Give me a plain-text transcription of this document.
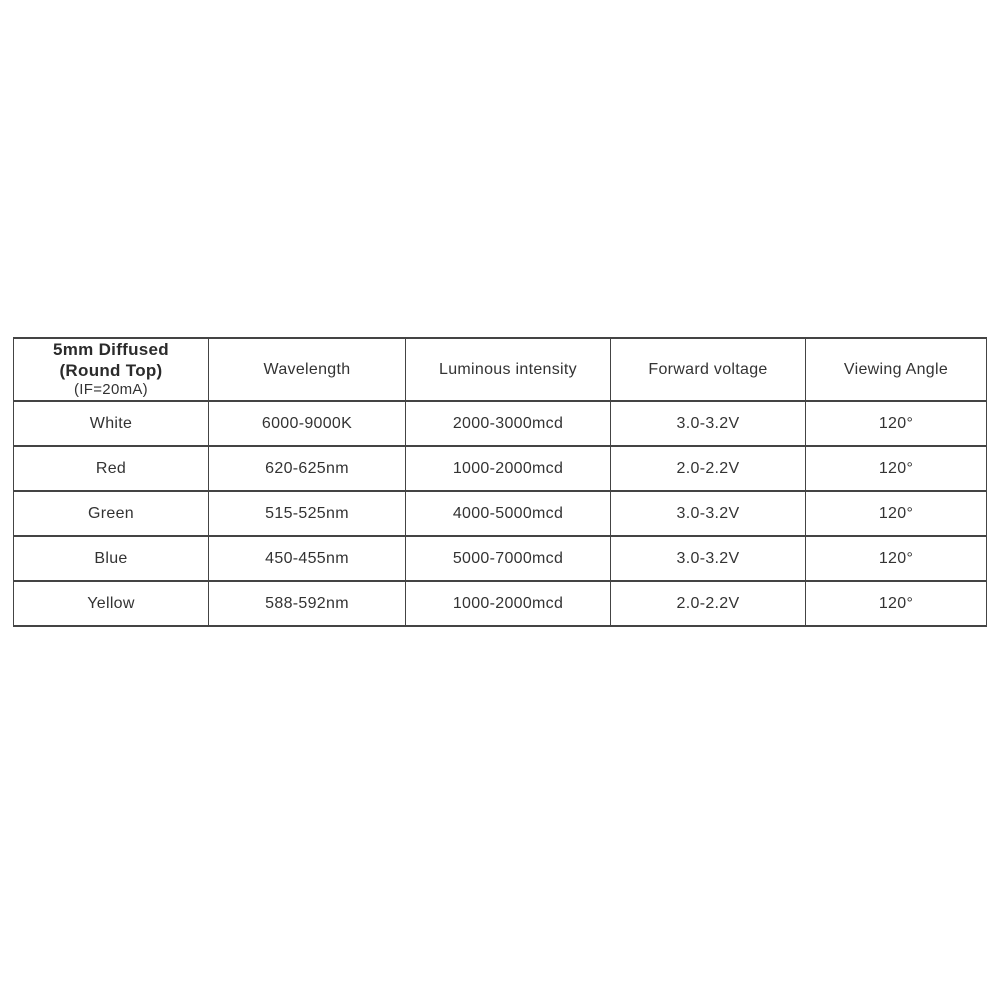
5mm Diffused
(Round Top)
(IF=20mA)	Wavelength	Luminous intensity	Forward voltage	Viewing Angle
White	6000-9000K	2000-3000mcd	3.0-3.2V	120°
Red	620-625nm	1000-2000mcd	2.0-2.2V	120°
Green	515-525nm	4000-5000mcd	3.0-3.2V	120°
Blue	450-455nm	5000-7000mcd	3.0-3.2V	120°
Yellow	588-592nm	1000-2000mcd	2.0-2.2V	120°
